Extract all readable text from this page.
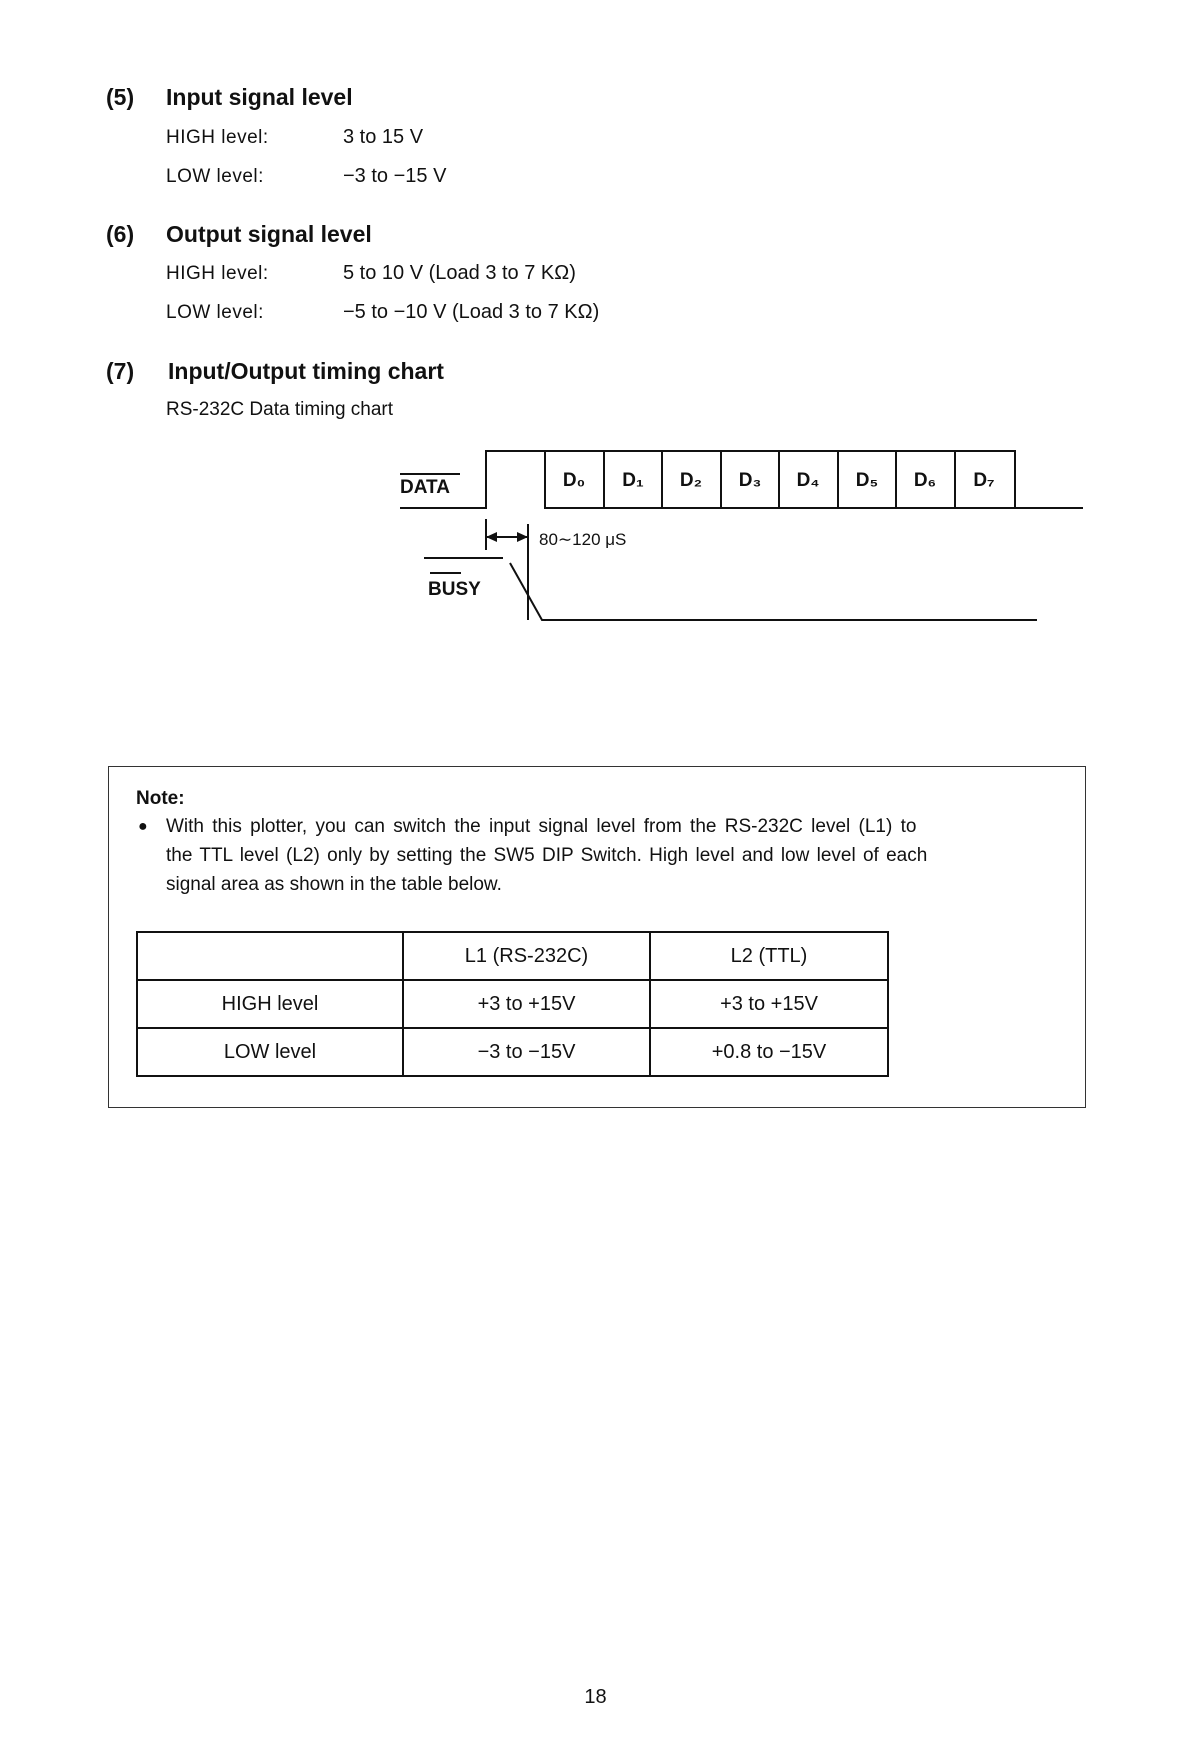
(5) Input signal level
HIGH level:	3 to 15 V
LOW level:	−3 to −15 V
(6) Output signal level
HIGH level:	5 to 10 V (Load 3 to 7 KΩ)
LOW level:	−5 to −10 V (Load 3 to 7 KΩ)
(7) Input/Output timing chart
RS-232C Data timing chart
DATA
BUSY
80∼120 μS
D₀ D₁ D₂ D₃ D₄ D₅ D₆ D₇
Note:
● With this plotter, you can switch the input signal level from the RS-232C level (L1) to
the TTL level (L2) only by setting the SW5 DIP Switch. High level and low level of each
signal area as shown in the table below.
	L1 (RS-232C)	L2 (TTL)
HIGH level	+3 to +15V	+3 to +15V
LOW level	−3 to −15V	+0.8 to −15V
18
